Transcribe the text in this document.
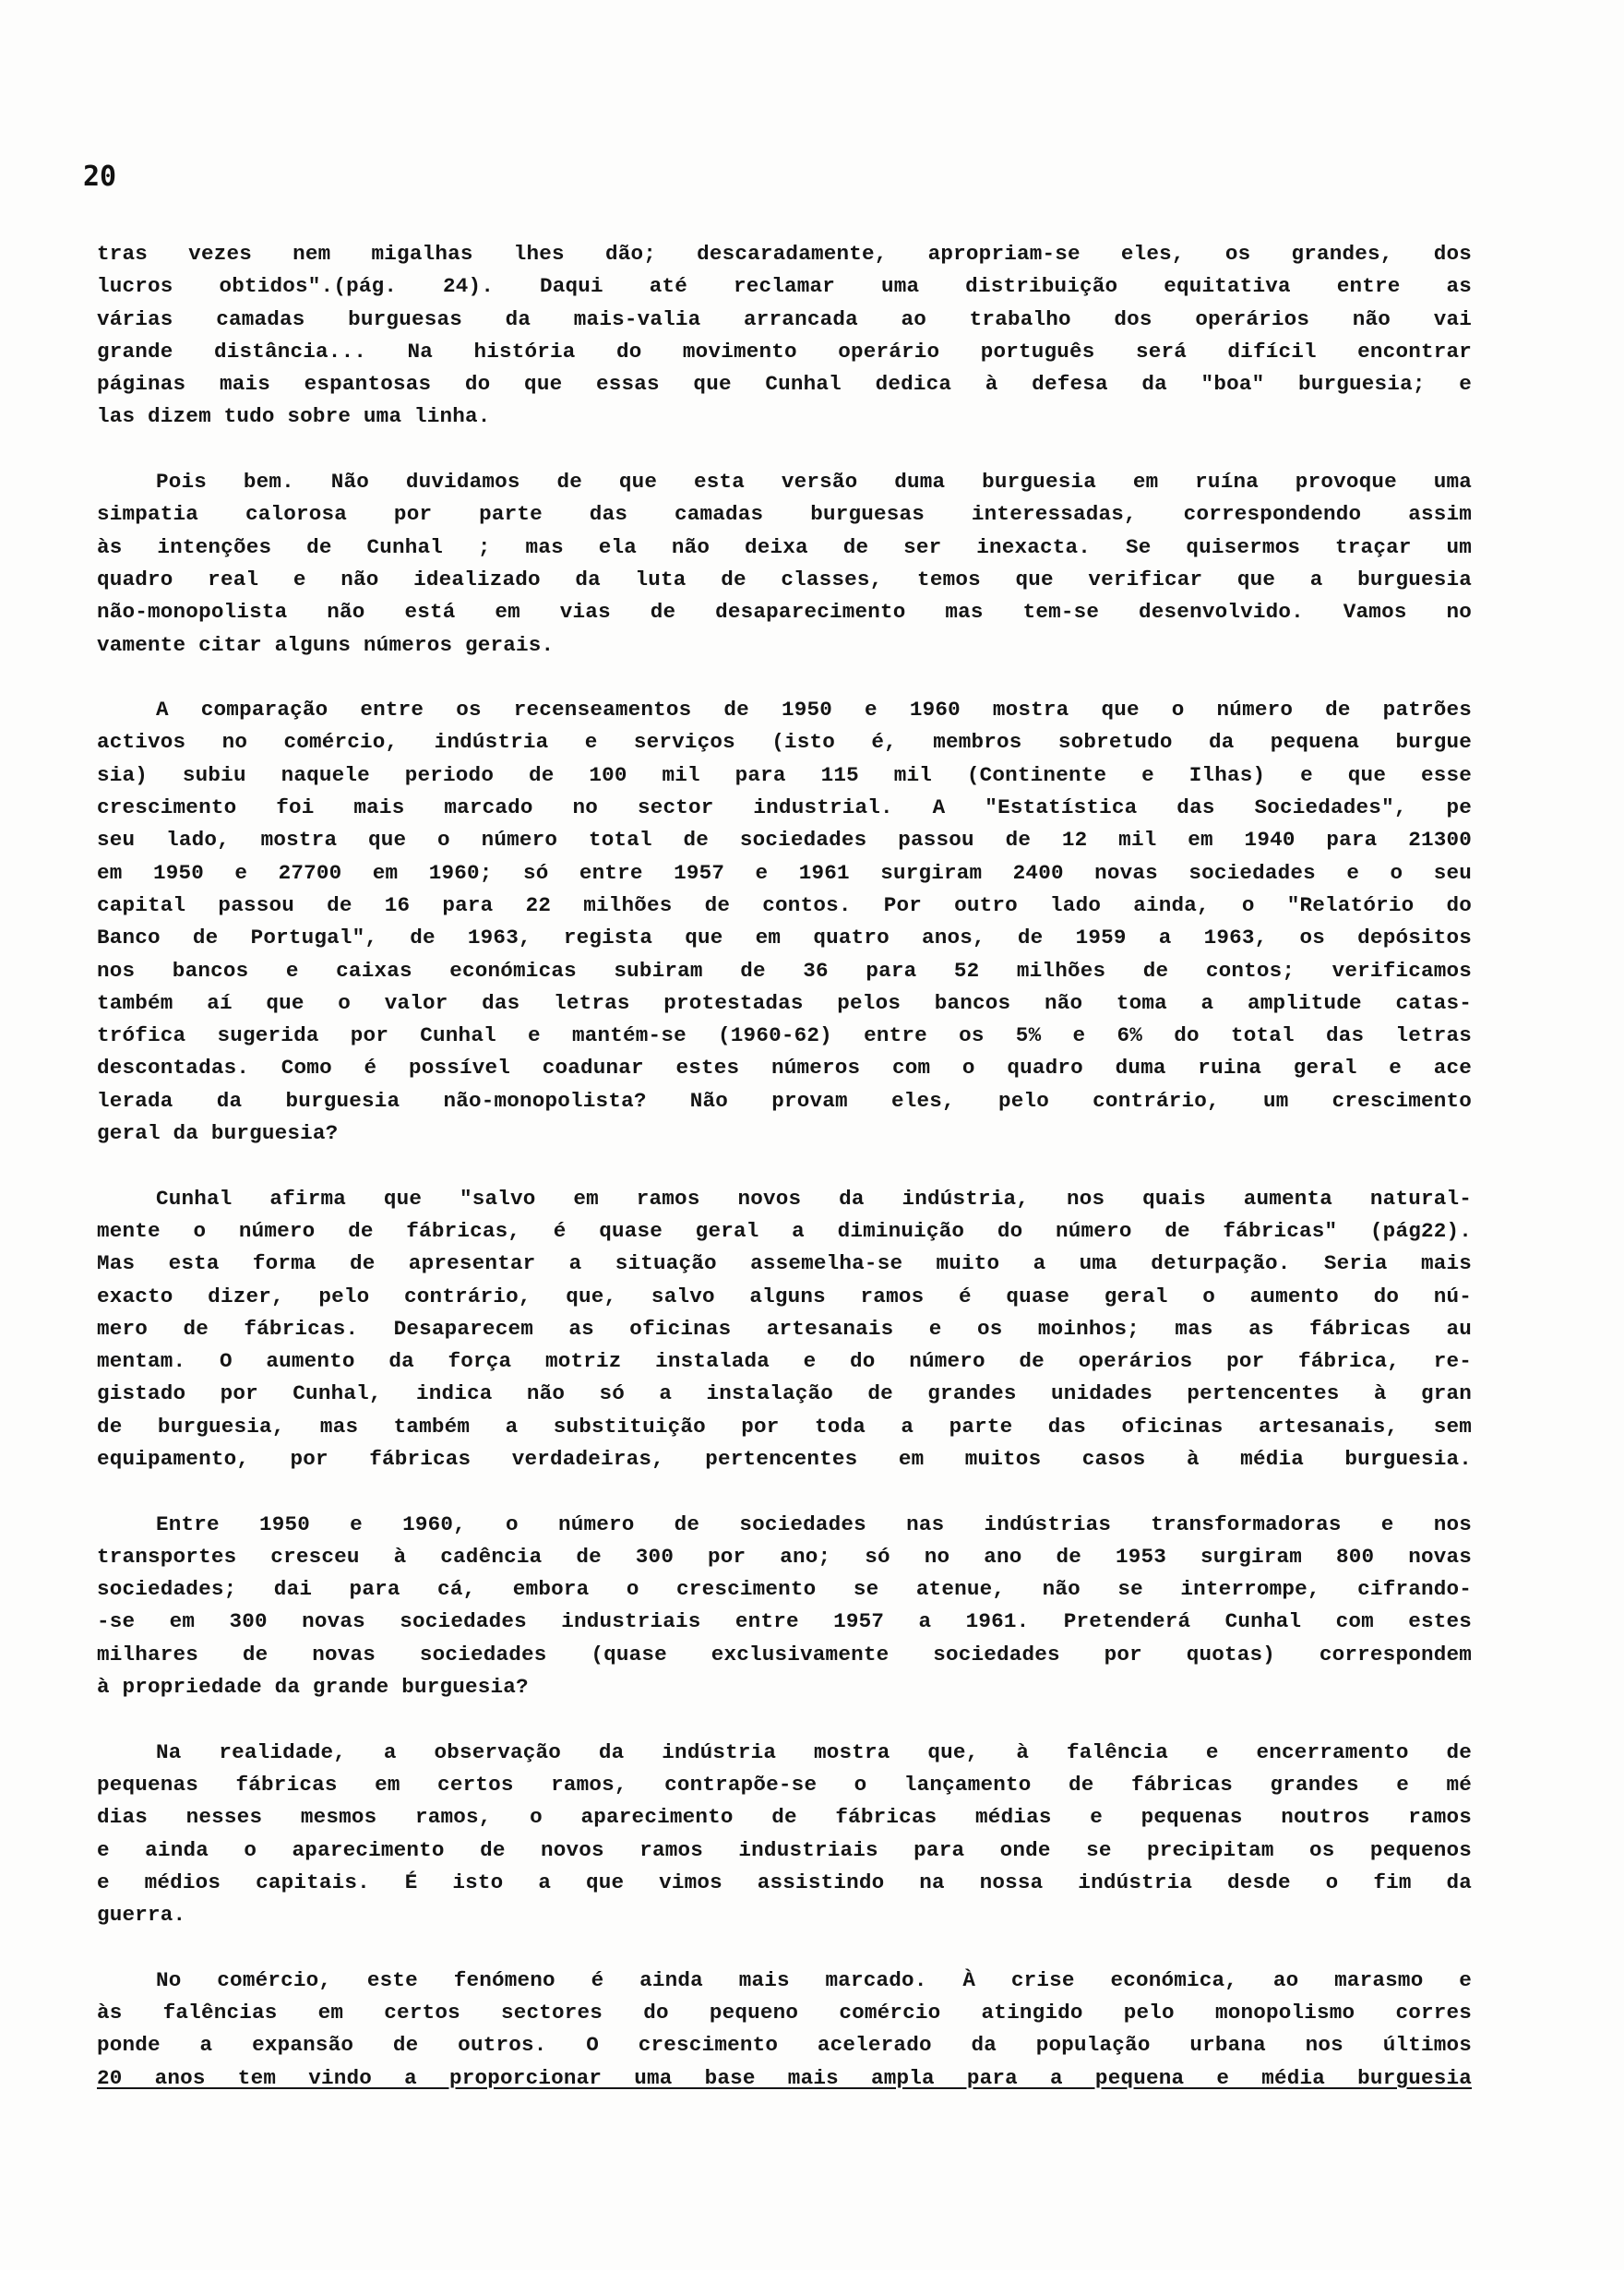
20
tras vezes nem migalhas lhes dão; descaradamente, apropriam-se eles, os grandes, dos
lucros obtidos".(pág. 24). Daqui até reclamar uma distribuição equitativa entre as
várias camadas burguesas da mais-valia arrancada ao trabalho dos operários não vai
grande distância... Na história do movimento operário português será difícil encontrar
páginas mais espantosas do que essas que Cunhal dedica à defesa da "boa" burguesia; e
las dizem tudo sobre uma linha.
Pois bem. Não duvidamos de que esta versão duma burguesia em ruína provoque uma
simpatia calorosa por parte das camadas burguesas interessadas, correspondendo assim
às intenções de Cunhal ; mas ela não deixa de ser inexacta. Se quisermos traçar um
quadro real e não idealizado da luta de classes, temos que verificar que a burguesia
não-monopolista não está em vias de desaparecimento mas tem-se desenvolvido. Vamos no
vamente citar alguns números gerais.
A comparação entre os recenseamentos de 1950 e 1960 mostra que o número de patrões
activos no comércio, indústria e serviços (isto é, membros sobretudo da pequena burgue
sia) subiu naquele periodo de 100 mil para 115 mil (Continente e Ilhas) e que esse
crescimento foi mais marcado no sector industrial. A "Estatística das Sociedades", pe
seu lado, mostra que o número total de sociedades passou de 12 mil em 1940 para 21300
em 1950 e 27700 em 1960; só entre 1957 e 1961 surgiram 2400 novas sociedades e o seu
capital passou de 16 para 22 milhões de contos. Por outro lado ainda, o "Relatório do
Banco de Portugal", de 1963, regista que em quatro anos, de 1959 a 1963, os depósitos
nos bancos e caixas económicas subiram de 36 para 52 milhões de contos; verificamos
também aí que o valor das letras protestadas pelos bancos não toma a amplitude catas-
trófica sugerida por Cunhal e mantém-se (1960-62) entre os 5% e 6% do total das letras
descontadas. Como é possível coadunar estes números com o quadro duma ruina geral e ace
lerada da burguesia não-monopolista? Não provam eles, pelo contrário, um crescimento
geral da burguesia?
Cunhal afirma que "salvo em ramos novos da indústria, nos quais aumenta natural-
mente o número de fábricas, é quase geral a diminuição do número de fábricas" (pág22).
Mas esta forma de apresentar a situação assemelha-se muito a uma deturpação. Seria mais
exacto dizer, pelo contrário, que, salvo alguns ramos é quase geral o aumento do nú-
mero de fábricas. Desaparecem as oficinas artesanais e os moinhos; mas as fábricas au
mentam. O aumento da força motriz instalada e do número de operários por fábrica, re-
gistado por Cunhal, indica não só a instalação de grandes unidades pertencentes à gran
de burguesia, mas também a substituição por toda a parte das oficinas artesanais, sem
equipamento, por fábricas verdadeiras, pertencentes em muitos casos à média burguesia.
Entre 1950 e 1960, o número de sociedades nas indústrias transformadoras e nos
transportes cresceu à cadência de 300 por ano; só no ano de 1953 surgiram 800 novas
sociedades; dai para cá, embora o crescimento se atenue, não se interrompe, cifrando-
-se em 300 novas sociedades industriais entre 1957 a 1961. Pretenderá Cunhal com estes
milhares de novas sociedades (quase exclusivamente sociedades por quotas) correspondem
à propriedade da grande burguesia?
Na realidade, a observação da indústria mostra que, à falência e encerramento de
pequenas fábricas em certos ramos, contrapõe-se o lançamento de fábricas grandes e mé
dias nesses mesmos ramos, o aparecimento de fábricas médias e pequenas noutros ramos
e ainda o aparecimento de novos ramos industriais para onde se precipitam os pequenos
e médios capitais. É isto a que vimos assistindo na nossa indústria desde o fim da
guerra.
No comércio, este fenómeno é ainda mais marcado. À crise económica, ao marasmo e
às falências em certos sectores do pequeno comércio atingido pelo monopolismo corres
ponde a expansão de outros. O crescimento acelerado da população urbana nos últimos
20 anos tem vindo a proporcionar uma base mais ampla para a pequena e média burguesia
